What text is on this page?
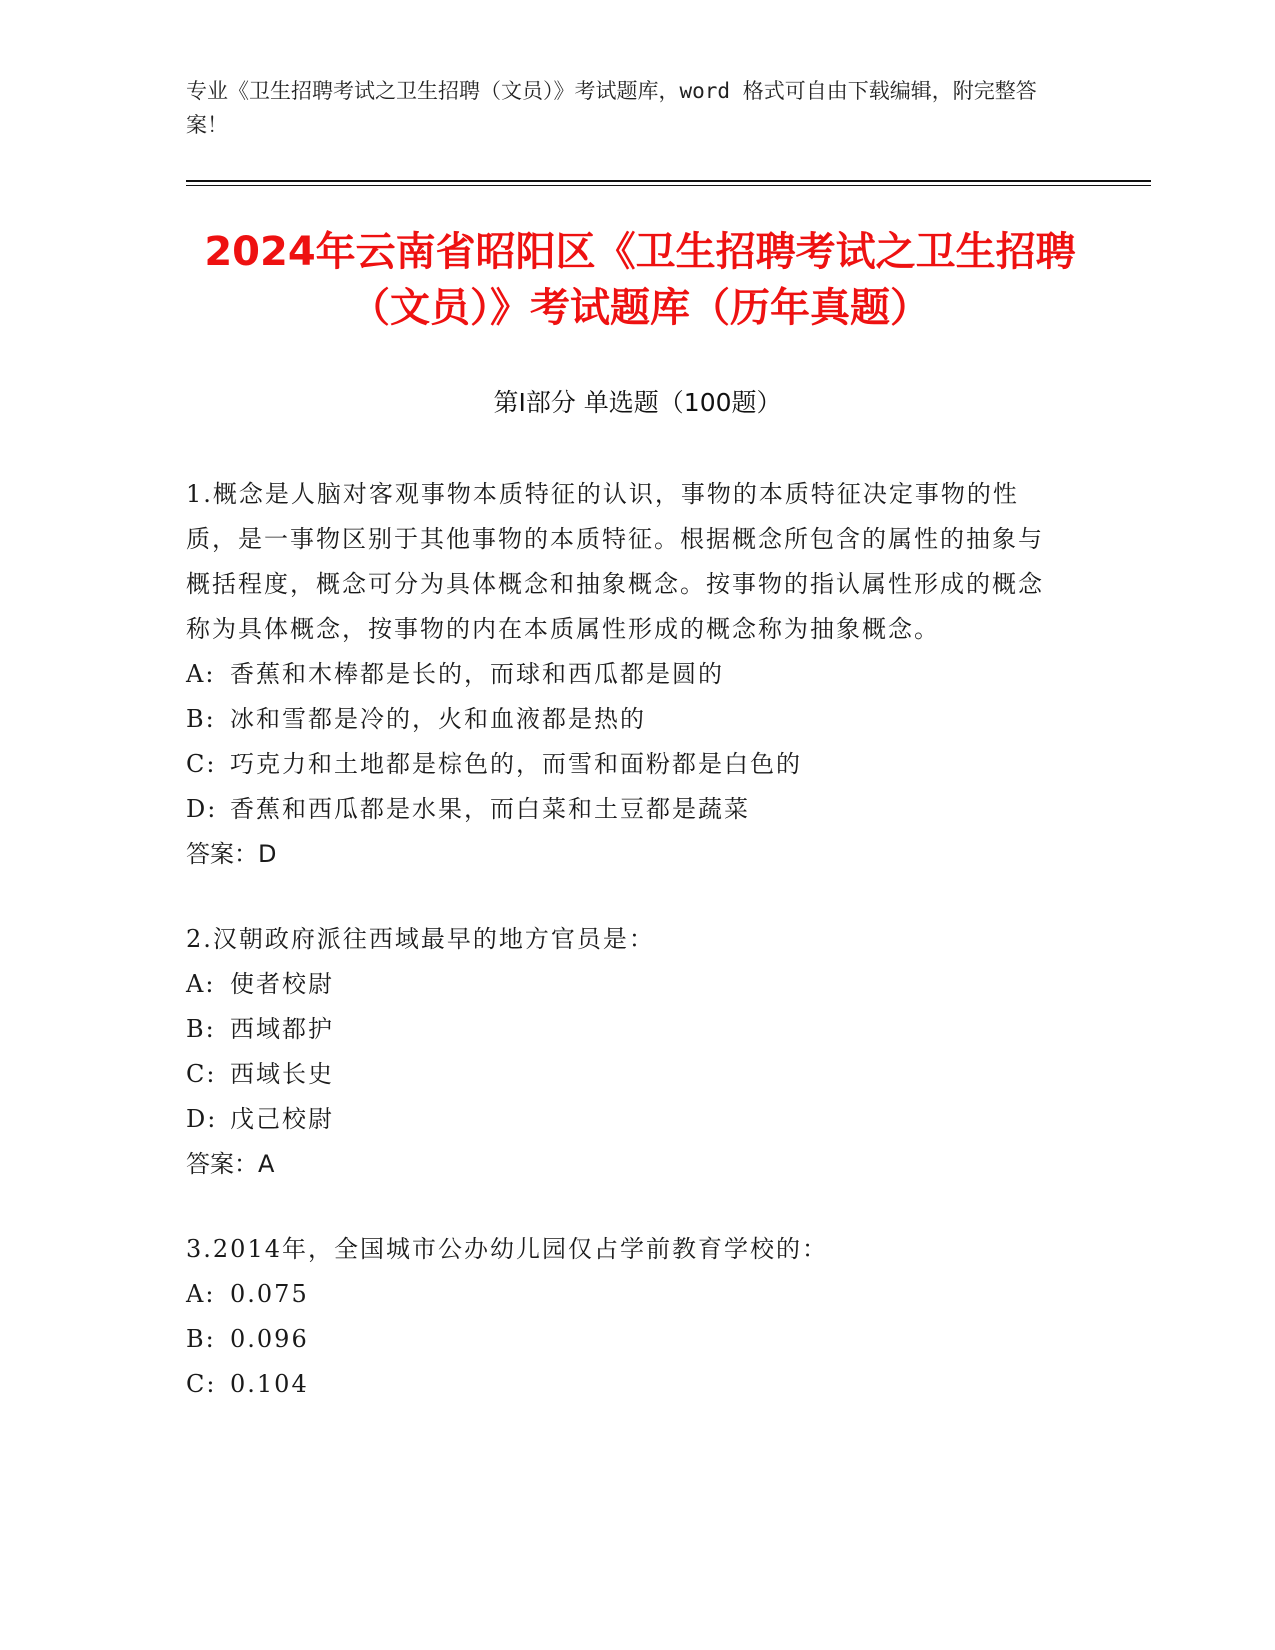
专业《卫生招聘考试之卫生招聘（文员）》考试题库，word 格式可自由下载编辑，附完整答案！
2024年云南省昭阳区《卫生招聘考试之卫生招聘（文员）》考试题库（历年真题）
第Ⅰ部分 单选题（100题）
1.概念是人脑对客观事物本质特征的认识，事物的本质特征决定事物的性质，是一事物区别于其他事物的本质特征。根据概念所包含的属性的抽象与概括程度，概念可分为具体概念和抽象概念。按事物的指认属性形成的概念称为具体概念，按事物的内在本质属性形成的概念称为抽象概念。
A: 香蕉和木棒都是长的，而球和西瓜都是圆的
B: 冰和雪都是冷的，火和血液都是热的
C: 巧克力和土地都是棕色的，而雪和面粉都是白色的
D: 香蕉和西瓜都是水果，而白菜和土豆都是蔬菜
答案：D
2.汉朝政府派往西域最早的地方官员是：
A: 使者校尉
B: 西域都护
C: 西域长史
D: 戊己校尉
答案：A
3.2014年，全国城市公办幼儿园仅占学前教育学校的：
A: 0.075
B: 0.096
C: 0.104
